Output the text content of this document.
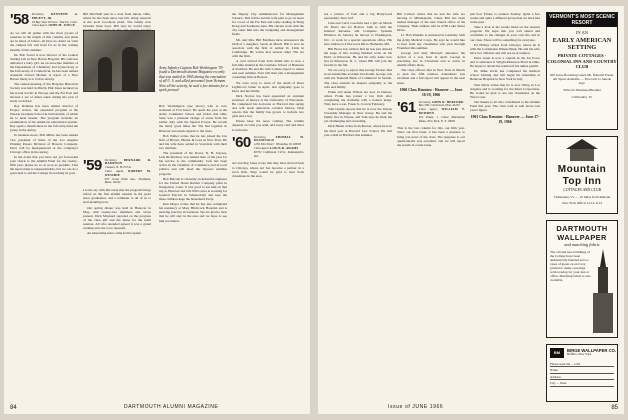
'58 Secretary, KENNETH A. PRUETT, JR.
18 Bay View Terrace · Darien, Conn.
Class Agent, JOHN M. JOYCE

As we will all gather with the most joyous of reunions in the length of this column, and plans are in hand, of labors, all have no doubt on what the campus life will hold for us in the coming months of this summer.

Dr. Bob Sorrel is now director of the Central Testing Lab in New Haven Hospital. His wife has delivered a baby girl. As an associate member of the Department of Chemistry and Gynecology at the University of Connecticut, he has been named Assistant Unwed Mother. A report of a New Haven Study is to follow shortly.

The annual meeting of the Holyoke Historical Society was held in March. Phil Jones lectured on his recent travels in Europe and the Far East and showed a set of slides taken during his year of study at Oxford.

Ray Robbins has been named director of Project Action, the expanded program at the Weston Graduate School in Switzerland, of which he is head master. The program includes an examination of the American educational system. Ray spent a month there in the fall and joined the group in the spring.

In business news, Bob Miller has been named vice president of Sales of the Los Angeles Printing Papers Division of Bowers Company. Dave will be headquartered at the company's Chicago office in the spring.

In the event that you have not yet forwarded your check to the Alumni Fund for the twenty-fifth year, please do so as soon as possible. That the need exists is unquestionable, but we can do a great deal to aid the College in reaching its goal.

Bill MacNeill sent in a note from Akron, Ohio, where he has been since last fall, doing research at the local Goodyear plant. The family now includes three boys. Bill says he would enjoy

'59 Secretary, BERNARD R. HAMPTON
Canaan, N. H. 03741
Class Agent, ROBERT M. WINSHIP
837 Great Plain Ave., Needham, Mass. 02192

Let me say with this issue that the program brings before us the first alumni reunion in the years since graduation, and a reminder to all of us to start planning now.

Our spring dinner was held in Hanover in May, with twenty-two members and wives present. Dick Maynard reported on the progress of the class gift and the plans for the tenth reunion. All who attended agreed it was a grand evening and one to be repeated.

An interesting letter came from Captain

Army Infantry Captain Bob Worthington '59 found a Dartmouth alumni Magazine recently that was mailed in 1965 during the evacuation of all U. S. and allied personnel from Vietnam. Note all the activity, he said a few minutes for a quick perusal.

Bob Worthington (see photo) who is now stationed at Fort Knox. He spent the year at the Army Command School and writes that Ohio State was a pleasant change of scene from his earlier duty with the Special Forces. He recalls the many good times the '59s had together in Hanover and sends regards to the class.

Bob Waller writes that he has joined the law firm of Brown, Hunter & Goss in New York. He and his wife have settled in Scarsdale with their two children.

The president of the Dover, N. H. Jaycees, Jack Richardson, was named man of the year for his service to the community. Jack has been active in the Chamber of Commerce and in local politics and will head the Jaycees' summer program.

Bob Balcom is currently an industrial engineer for the United States Rubber Company plant in Naugatuck, Conn. It was good to see him on that trip to Hanover last fall. Bill Carter is working for General Electric in Schenectady and says the three children keep the household lively.

Ken Mayer writes that he has just completed his residency at Mary Hitchcock Hospital and is entering practice in Lebanon. We are glad to hear that he will stay in the area and we hope to see him at reunion.

the Deputy City Administrator for Management Science. This fall he and his wife plan to go on leave for a tour of the Far East and some reading in Hong Kong and Southeast Asia. His current work with the city takes him into the budgeting and management fields.

Mr. and Mrs. Bill Edelman have announced the birth of a daughter, Sarah, in March. Bill is now an associate with the firm of Arthur D. Little in Cambridge. He writes that several other '59s are with the firm.

A card arrived from Tom Smith who is now a full-time student in the Graduate School of Business at Stanford. He and his wife Connie expect to return east next summer. Tom will then join a management consulting firm in Boston.

We were sorry to learn of the death of Dave Lightfoot's father in April. Our sympathy goes to Dave and his family.

Dick Norton has been appointed an assistant professor of history at the University of Wisconsin. He completed his doctorate at Harvard this spring and will teach American colonial history. Dick reports that the family has grown to include two girls and a boy.

Please keep the news coming. The column depends on what you send, and every card and letter is welcome.

'60 Secretary,	THOMAS H. MCDONALD
1250 Elm Street · Winnetka, Ill. 60093
Class Agent, LOUIS R. ADAMS
60732 Coldbrook Circle, Indianapolis, Ind.

Art and Peg Jones wrote that they have moved back to Chicago, where Art has become a partner in a local firm. They would be glad to hear from classmates in the area.

84	DARTMOUTH ALUMNI MAGAZINE

not a picture of Tom and a big Hollywood personality. Sure 'nuf.

John and Carol Goodwin had a girl on March 29. That's one for Boston. John is with the Internal Revenue and Computer Systems Division. In January he moved to Washington, D.C. to work in a special operations office. His new address is 4 Norwood Drive, Bethesda, Md.

Bill Bowe has written that he has just entered the stage of life, having finished work on his Ph.D. at Princeton. He and his wife Anne now live in Princeton, N. J., where Bill will join the faculty in the fall.

We are sorry to report that George Tucker died in an automobile accident last month. George was with the National Bank of Commerce in Seattle. The class extends its deepest sympathy to his wife and family.

Frank and Anne Wilson are now in Denver, where Frank has joined a law firm after completing his clerkship with a federal judge. They have a son, Frank Jr., born in February.

Tom Lipkin reports that he is now the Wayne Township Manager in New Jersey. He and his family live in Wayne, and Tom says he finds the job challenging and rewarding.

Dick Hazen writes from Boston, where he is in his third year at Harvard Law School. He will join a firm in Hartford this summer.

Bill Carlson writes that he and his wife are moving to Minneapolis, where Bill has been named manager of the new branch office of his company. Their address will be 4700 Lake Shore Drive.

Lt. Bob Watkins is stationed in Germany with the Army Medical Corps. He says he would like to hear from any classmates who pass through Frankfurt this summer.

George and Judy Maxwell announce the arrival of a son, born in April. George is practicing law in Cleveland and is active in alumni affairs there.

The class officers met in New York in March to plan the fifth reunion. Attendance was excellent and a full report will appear in the next issue.

1960 Class Reunion · Hanover — June 16-19, 1966
'61 Secretary, JOHN R. HERFORD
Box 599, Cincinnati, Ohio 45201
Class Agent, WILLIAM T. BOWDEN
The Plaza, 1 Chase Manhattan Plaza, New York, N. Y. 10005

This is the last column for this, our fifth year. Since our first issue, it has been a pleasure to bring you news of the class. The response to our questionnaire was excellent, and we will report the results in a later issue.

just how Friday to reunion Sunday. Quite a few weeks and quite a different group than we have had in the past.

Take a look at the events listed on the reunion program. We hope that you will attend and contribute to the changes in your own life and in our class. There will be something for everyone.

Ed Hickey writes from Chicago, where he is with the Continental Illinois Bank. He and his wife have two children and will see us at reunion.

Dave Grant is now a captain in the Air Force and is stationed at Wright-Patterson Field in Ohio. He hopes to attend the reunion if his duties permit.

Dr. Mike Irwin has completed his medical school training and will begin his internship at Bellevue Hospital in New York in July.

Stan Davis writes that he is now living in Los Angeles and is working for the Rand Corporation. He would be glad to see any classmates on the West Coast.

Our thanks to all who contributed to the Alumni Fund this year. The class total is well above last year's figure.

1961 Class Reunion · Hanover — June 17-19, 1966
VERMONT'S MOST SCENIC RESORT
IN AN
EARLY AMERICAN SETTING
PRIVATE COTTAGES · COLONIAL INN AND COUNTRY CLUB
650 Acres Bordering Green Mt. National Forest. All Sports Available — Free Golf to June & Sept.
Write for Illustrated Booklet
Chittenden, Vt.
Mountain Top Inn
COTTAGES AND CLUB
Chittenden, Vt. — 10 miles from Rutland
New York Office: LO 4-1114
DARTMOUTH WALLPAPER
and matching fabric
The old and new buildings of the College have been authentically blended in two tones of green on an ivory ground to make a prestige wallcovering for your den or office. Matching fabric is also available.
BM	BIRGE WALLPAPER CO.
Buffalo, New York
Please send me ... rolls
Name
Address
City ... State
Issue of JUNE 1966	85
